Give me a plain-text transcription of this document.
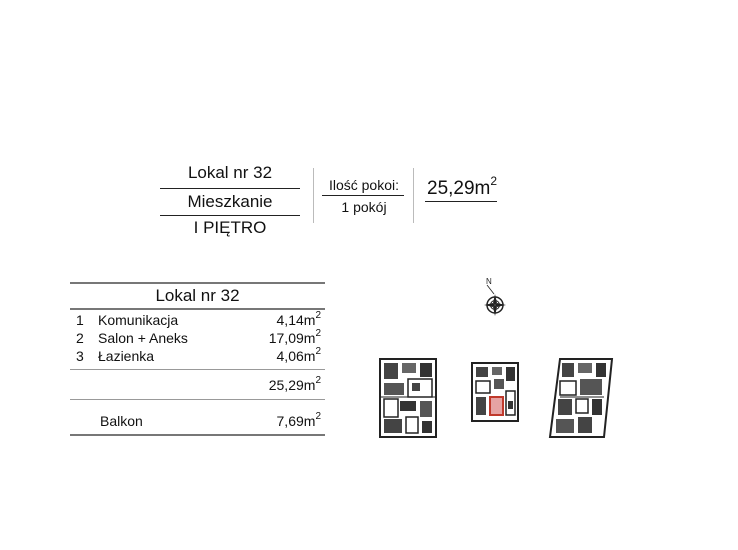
Lokal nr 32
Mieszkanie
I PIĘTRO
Ilość pokoi:
1 pokój
$25,29m^2$
Lokal nr 32
1 Komunikacja	$4,14m^2$
2 Salon + Aneks	$17,09m^2$
3 Łazienka	$4,06m^2$
$25,29m^2$
Balkon	$7,69m^2$
N
